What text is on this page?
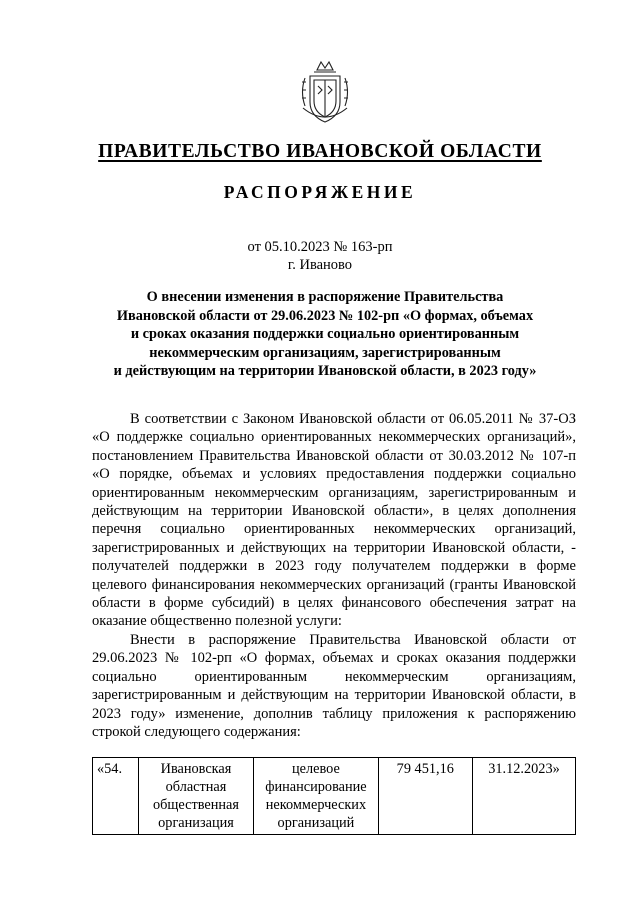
ПРАВИТЕЛЬСТВО ИВАНОВСКОЙ ОБЛАСТИ
РАСПОРЯЖЕНИЕ
от 05.10.2023 № 163-рп
г. Иваново
О внесении изменения в распоряжение Правительства
Ивановской области от 29.06.2023 № 102-рп «О формах, объемах
и сроках оказания поддержки социально ориентированным
некоммерческим организациям, зарегистрированным
и действующим на территории Ивановской области, в 2023 году»

В соответствии с Законом Ивановской области от 06.05.2011 № 37-ОЗ «О поддержке социально ориентированных некоммерческих организаций», постановлением Правительства Ивановской области от 30.03.2012 № 107-п «О порядке, объемах и условиях предоставления поддержки социально ориентированным некоммерческим организациям, зарегистрированным и действующим на территории Ивановской области», в целях дополнения перечня социально ориентированных некоммерческих организаций, зарегистрированных и действующих на территории Ивановской области, - получателей поддержки в 2023 году получателем поддержки в форме целевого финансирования некоммерческих организаций (гранты Ивановской области в форме субсидий) в целях финансового обеспечения затрат на оказание общественно полезной услуги:

Внести в распоряжение Правительства Ивановской области от 29.06.2023 № 102-рп «О формах, объемах и сроках оказания поддержки социально ориентированным некоммерческим организациям, зарегистрированным и действующим на территории Ивановской области, в 2023 году» изменение, дополнив таблицу приложения к распоряжению строкой следующего содержания:

«54.	Ивановская областная общественная организация	целевое финансирование некоммерческих организаций	79 451,16	31.12.2023»
